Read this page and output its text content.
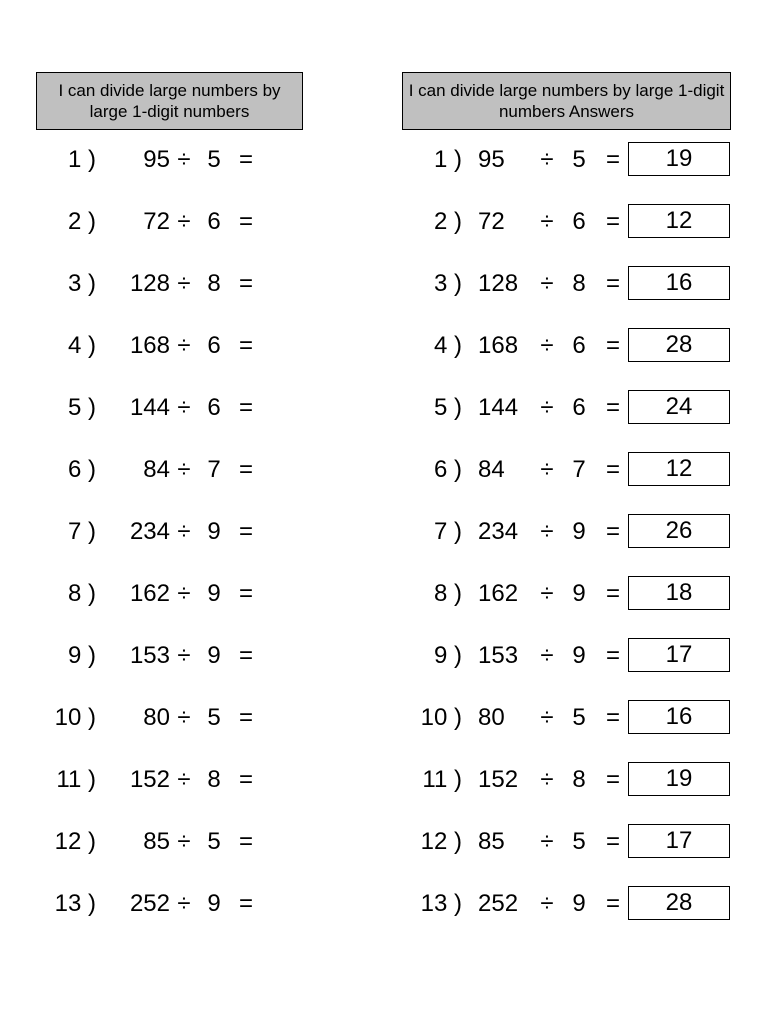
I can divide large numbers by large 1-digit numbers
I can divide large numbers by large 1-digit numbers Answers
1 )	95 ÷ 5 =	1 ) 95	÷ 5 =	19
2 )	72 ÷ 6 =	2 ) 72	÷ 6 =	12
3 )	128 ÷ 8 =	3 ) 128 ÷ 8 =	16
4 )	168 ÷ 6 =	4 ) 168 ÷ 6 =	28
5 )	144 ÷ 6 =	5 ) 144 ÷ 6 =	24
6 )	84 ÷ 7 =	6 ) 84	÷ 7 =	12
7 )	234 ÷ 9 =	7 ) 234 ÷ 9 =	26
8 )	162 ÷ 9 =	8 ) 162 ÷ 9 =	18
9 )	153 ÷ 9 =	9 ) 153 ÷ 9 =	17
10 )	80 ÷ 5 =	10 ) 80	÷ 5 =	16
11 )	152 ÷ 8 =	11 ) 152 ÷ 8 =	19
12 )	85 ÷ 5 =	12 ) 85	÷ 5 =	17
13 )	252 ÷ 9 =	13 ) 252 ÷ 9 =	28
